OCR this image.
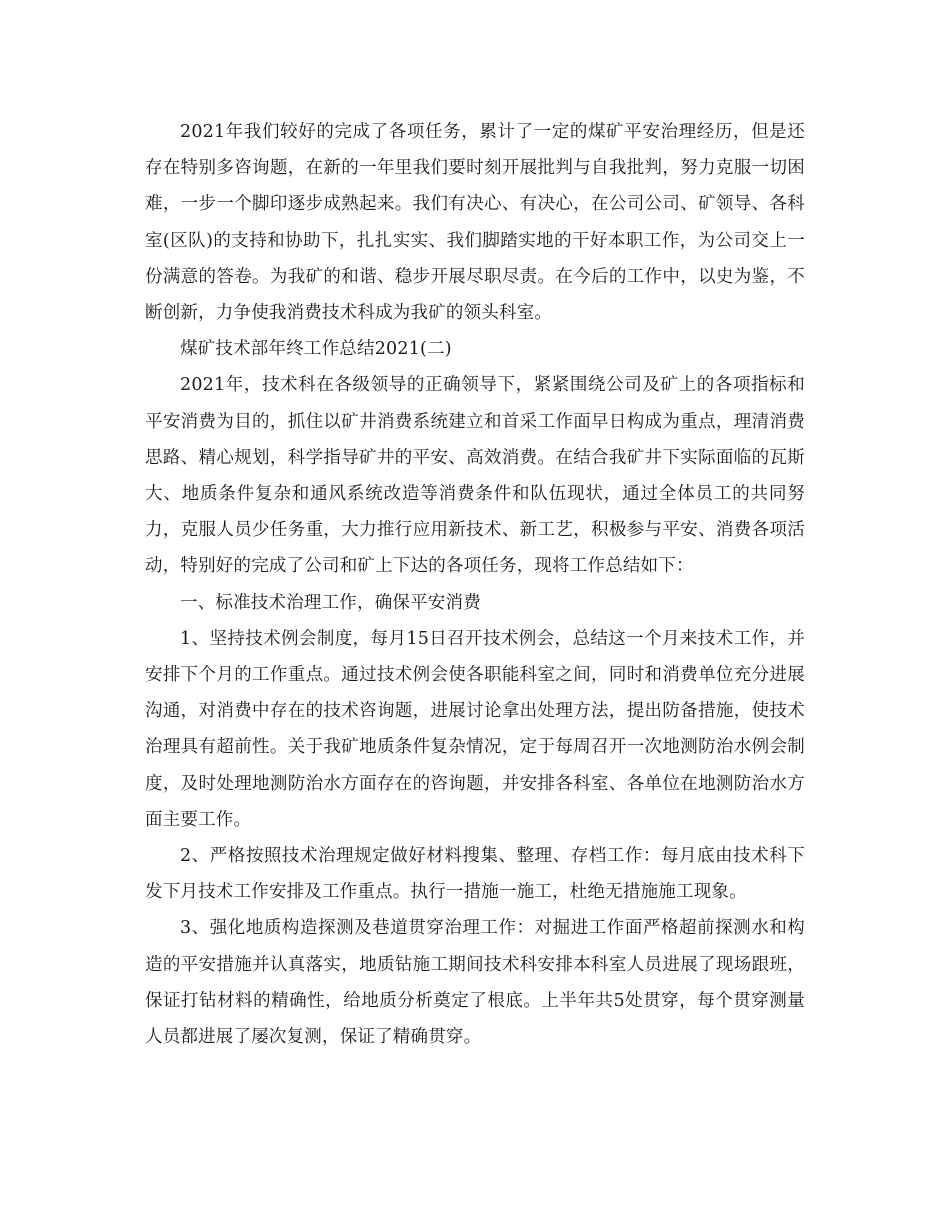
2021年我们较好的完成了各项任务，累计了一定的煤矿平安治理经历，但是还存在特别多咨询题，在新的一年里我们要时刻开展批判与自我批判，努力克服一切困难，一步一个脚印逐步成熟起来。我们有决心、有决心，在公司公司、矿领导、各科室(区队)的支持和协助下，扎扎实实、我们脚踏实地的干好本职工作，为公司交上一份满意的答卷。为我矿的和谐、稳步开展尽职尽责。在今后的工作中，以史为鉴，不断创新，力争使我消费技术科成为我矿的领头科室。

煤矿技术部年终工作总结2021(二)

2021年，技术科在各级领导的正确领导下，紧紧围绕公司及矿上的各项指标和平安消费为目的，抓住以矿井消费系统建立和首采工作面早日构成为重点，理清消费思路、精心规划，科学指导矿井的平安、高效消费。在结合我矿井下实际面临的瓦斯大、地质条件复杂和通风系统改造等消费条件和队伍现状，通过全体员工的共同努力，克服人员少任务重，大力推行应用新技术、新工艺，积极参与平安、消费各项活动，特别好的完成了公司和矿上下达的各项任务，现将工作总结如下：

一、标准技术治理工作，确保平安消费

1、坚持技术例会制度，每月15日召开技术例会，总结这一个月来技术工作，并安排下个月的工作重点。通过技术例会使各职能科室之间，同时和消费单位充分进展沟通，对消费中存在的技术咨询题，进展讨论拿出处理方法，提出防备措施，使技术治理具有超前性。关于我矿地质条件复杂情况，定于每周召开一次地测防治水例会制度，及时处理地测防治水方面存在的咨询题，并安排各科室、各单位在地测防治水方面主要工作。

2、严格按照技术治理规定做好材料搜集、整理、存档工作：每月底由技术科下发下月技术工作安排及工作重点。执行一措施一施工，杜绝无措施施工现象。

3、强化地质构造探测及巷道贯穿治理工作：对掘进工作面严格超前探测水和构造的平安措施并认真落实，地质钻施工期间技术科安排本科室人员进展了现场跟班，保证打钻材料的精确性，给地质分析奠定了根底。上半年共5处贯穿，每个贯穿测量人员都进展了屡次复测，保证了精确贯穿。
